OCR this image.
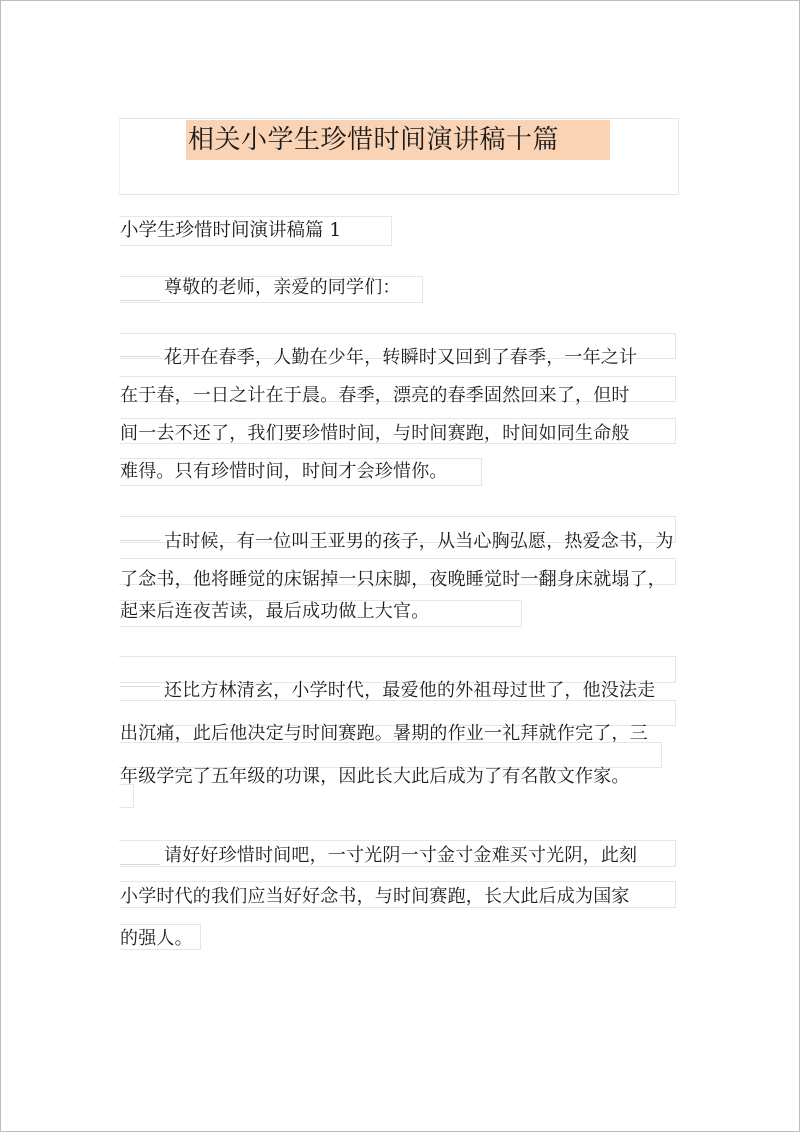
相关小学生珍惜时间演讲稿十篇
小学生珍惜时间演讲稿篇 1
尊敬的老师，亲爱的同学们：
花开在春季，人勤在少年，转瞬时又回到了春季，一年之计
在于春，一日之计在于晨。春季，漂亮的春季固然回来了，但时
间一去不还了，我们要珍惜时间，与时间赛跑，时间如同生命般
难得。只有珍惜时间，时间才会珍惜你。
古时候，有一位叫王亚男的孩子，从当心胸弘愿，热爱念书，为
了念书，他将睡觉的床锯掉一只床脚，夜晚睡觉时一翻身床就塌了，
起来后连夜苦读，最后成功做上大官。
还比方林清玄，小学时代，最爱他的外祖母过世了，他没法走
出沉痛，此后他决定与时间赛跑。暑期的作业一礼拜就作完了，三
年级学完了五年级的功课，因此长大此后成为了有名散文作家。
请好好珍惜时间吧，一寸光阴一寸金寸金难买寸光阴，此刻
小学时代的我们应当好好念书，与时间赛跑，长大此后成为国家
的强人。
